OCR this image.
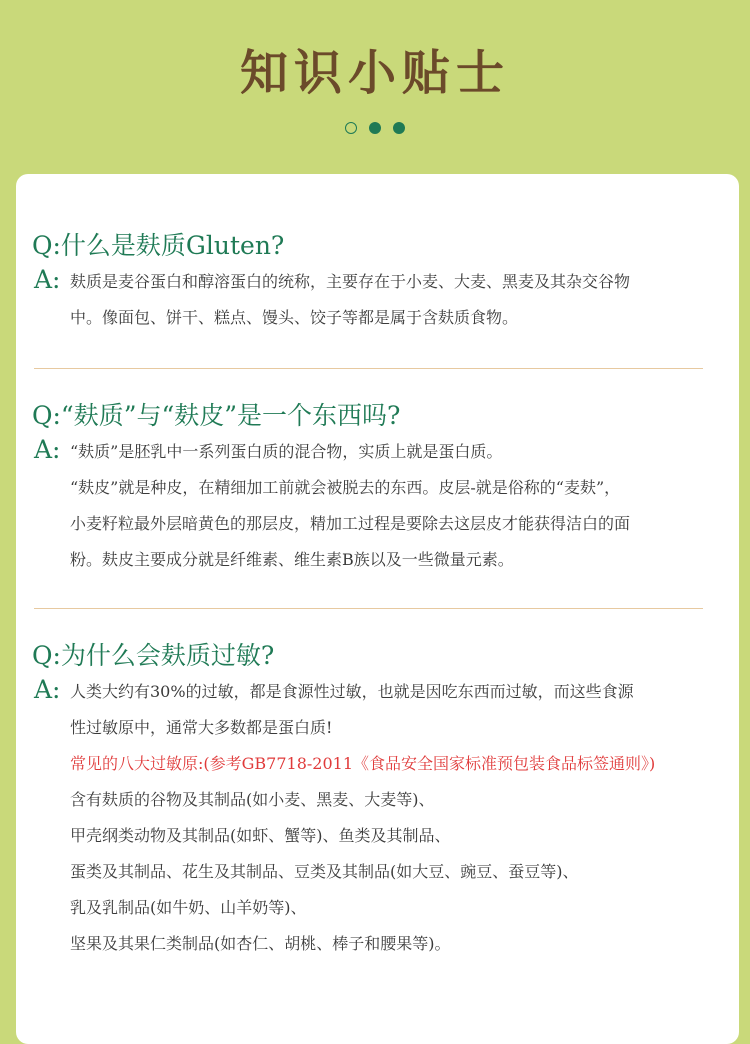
知识小贴士

Q:什么是麸质Gluten?

A: 麸质是麦谷蛋白和醇溶蛋白的统称，主要存在于小麦、大麦、黑麦及其杂交谷物

中。像面包、饼干、糕点、馒头、饺子等都是属于含麸质食物。

Q:“麸质”与“麸皮”是一个东西吗?

A: “麸质”是胚乳中一系列蛋白质的混合物，实质上就是蛋白质。

“麸皮”就是种皮，在精细加工前就会被脱去的东西。皮层-就是俗称的“麦麸”，

小麦籽粒最外层暗黄色的那层皮，精加工过程是要除去这层皮才能获得洁白的面

粉。麸皮主要成分就是纤维素、维生素B族以及一些微量元素。

Q:为什么会麸质过敏?

A: 人类大约有30%的过敏，都是食源性过敏，也就是因吃东西而过敏，而这些食源

性过敏原中，通常大多数都是蛋白质!

常见的八大过敏原:(参考GB7718-2011《食品安全国家标准预包装食品标签通则》)

含有麸质的谷物及其制品(如小麦、黑麦、大麦等)、

甲壳纲类动物及其制品(如虾、蟹等)、鱼类及其制品、

蛋类及其制品、花生及其制品、豆类及其制品(如大豆、豌豆、蚕豆等)、

乳及乳制品(如牛奶、山羊奶等)、

坚果及其果仁类制品(如杏仁、胡桃、棒子和腰果等)。
